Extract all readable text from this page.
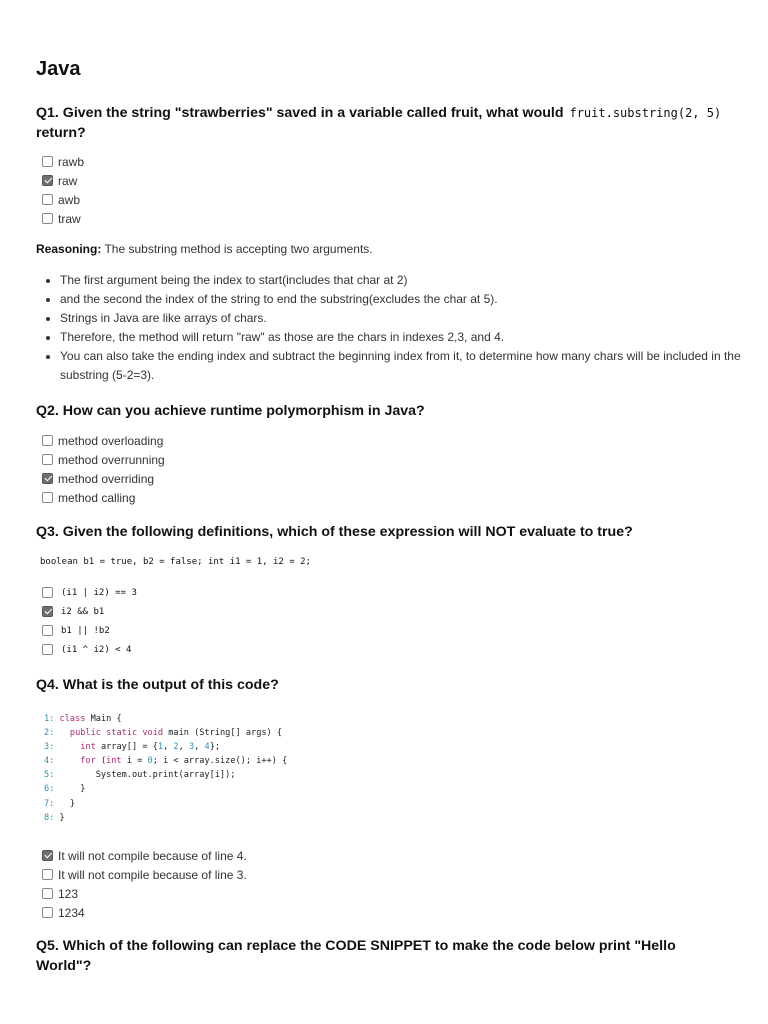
Java
Q1. Given the string "strawberries" saved in a variable called fruit, what would fruit.substring(2, 5)
return?
rawb
raw
awb
traw
Reasoning: The substring method is accepting two arguments.
• The first argument being the index to start(includes that char at 2)
• and the second the index of the string to end the substring(excludes the char at 5).
• Strings in Java are like arrays of chars.
• Therefore, the method will return "raw" as those are the chars in indexes 2,3, and 4.
• You can also take the ending index and subtract the beginning index from it, to determine how many chars will be included in the substring (5-2=3).
Q2. How can you achieve runtime polymorphism in Java?
method overloading
method overrunning
method overriding
method calling
Q3. Given the following definitions, which of these expression will NOT evaluate to true?
boolean b1 = true, b2 = false; int i1 = 1, i2 = 2;
(i1 | i2) == 3
i2 && b1
b1 || !b2
(i1 ^ i2) < 4
Q4. What is the output of this code?
1: class Main {
2: public static void main (String[] args) {
3:	int array[] = {1, 2, 3, 4};
4:	for (int i = 0; i < array.size(); i++) {
5:        System.out.print(array[i]);
6:     }
7:   }
8: }
It will not compile because of line 4.
It will not compile because of line 3.
123
1234
Q5. Which of the following can replace the CODE SNIPPET to make the code below print "Hello World"?
